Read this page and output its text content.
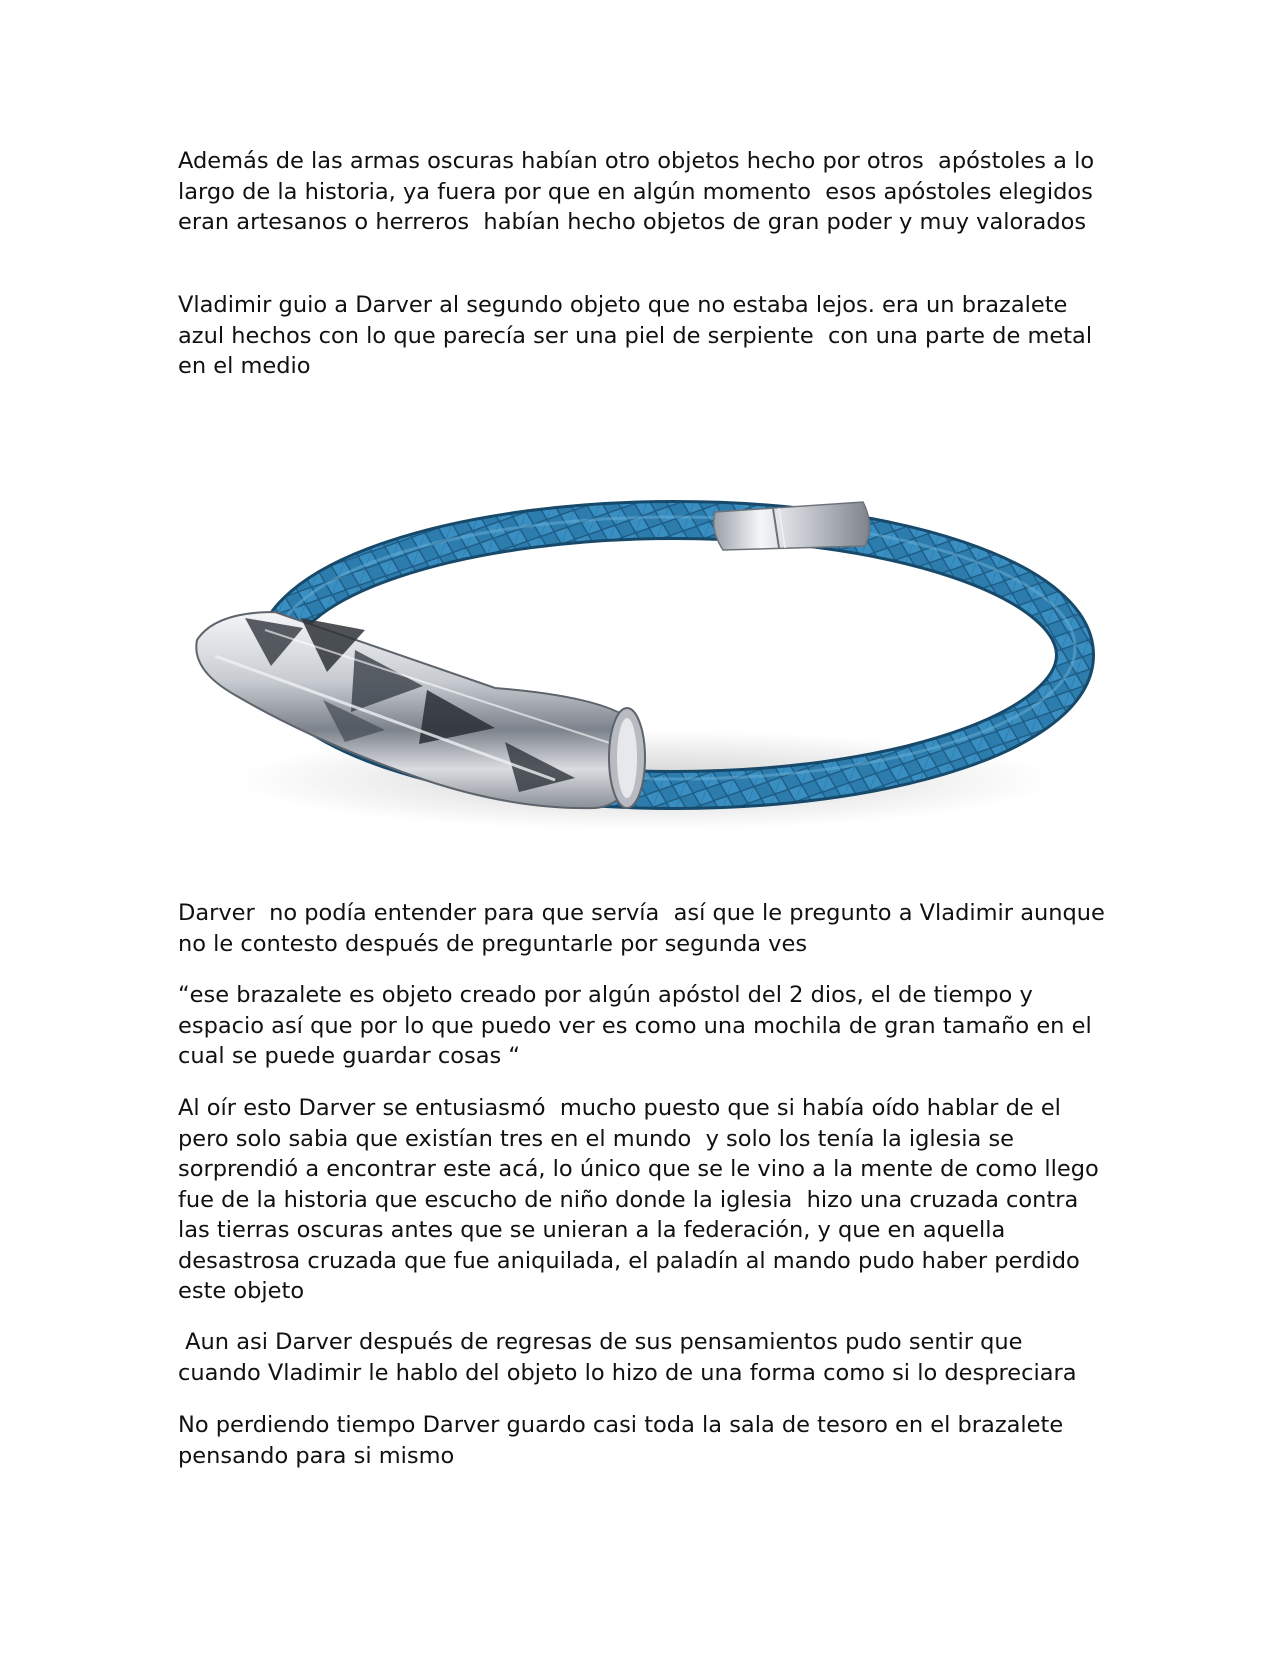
Además de las armas oscuras habían otro objetos hecho por otros  apóstoles a lo largo de la historia, ya fuera por que en algún momento  esos apóstoles elegidos eran artesanos o herreros  habían hecho objetos de gran poder y muy valorados

Vladimir guio a Darver al segundo objeto que no estaba lejos. era un brazalete azul hechos con lo que parecía ser una piel de serpiente  con una parte de metal en el medio

Darver  no podía entender para que servía  así que le pregunto a Vladimir aunque no le contesto después de preguntarle por segunda ves

“ese brazalete es objeto creado por algún apóstol del 2 dios, el de tiempo y espacio así que por lo que puedo ver es como una mochila de gran tamaño en el cual se puede guardar cosas “

Al oír esto Darver se entusiasmó  mucho puesto que si había oído hablar de el pero solo sabia que existían tres en el mundo  y solo los tenía la iglesia se sorprendió a encontrar este acá, lo único que se le vino a la mente de como llego fue de la historia que escucho de niño donde la iglesia  hizo una cruzada contra las tierras oscuras antes que se unieran a la federación, y que en aquella desastrosa cruzada que fue aniquilada, el paladín al mando pudo haber perdido este objeto

Aun asi Darver después de regresas de sus pensamientos pudo sentir que cuando Vladimir le hablo del objeto lo hizo de una forma como si lo despreciara

No perdiendo tiempo Darver guardo casi toda la sala de tesoro en el brazalete pensando para si mismo
